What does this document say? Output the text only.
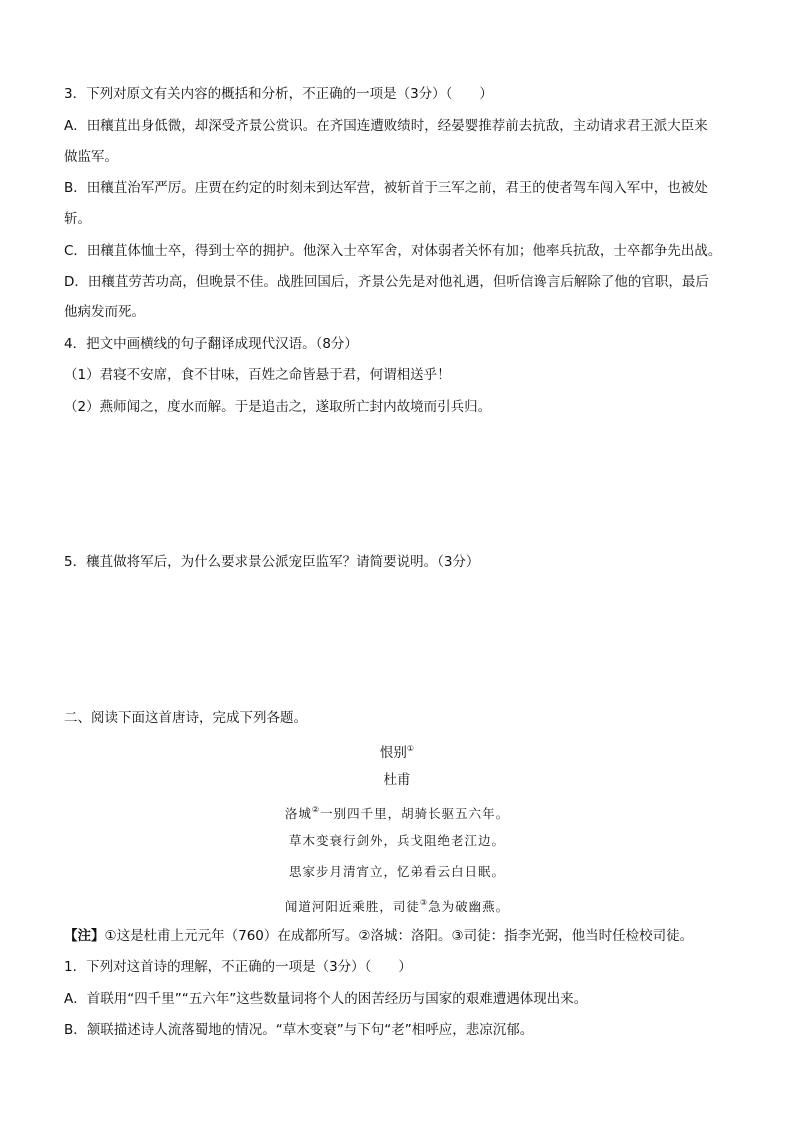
3．下列对原文有关内容的概括和分析，不正确的一项是（3分）（　　）
A．田穰苴出身低微，却深受齐景公赏识。在齐国连遭败绩时，经晏婴推荐前去抗敌，主动请求君王派大臣来
做监军。
B．田穰苴治军严厉。庄贾在约定的时刻未到达军营，被斩首于三军之前，君王的使者驾车闯入军中，也被处
斩。
C．田穰苴体恤士卒，得到士卒的拥护。他深入士卒军舍，对体弱者关怀有加；他率兵抗敌，士卒都争先出战。
D．田穰苴劳苦功高，但晚景不佳。战胜回国后，齐景公先是对他礼遇，但听信谗言后解除了他的官职，最后
他病发而死。
4．把文中画横线的句子翻译成现代汉语。（8分）
（1）君寝不安席，食不甘味，百姓之命皆悬于君，何谓相送乎！
（2）燕师闻之，度水而解。于是追击之，遂取所亡封内故境而引兵归。
5．穰苴做将军后，为什么要求景公派宠臣监军？请简要说明。（3分）
二、阅读下面这首唐诗，完成下列各题。
恨别①
杜甫
洛城②一别四千里，胡骑长驱五六年。
草木变衰行剑外，兵戈阻绝老江边。
思家步月清宵立，忆弟看云白日眠。
闻道河阳近乘胜，司徒③急为破幽燕。
【注】①这是杜甫上元元年（760）在成都所写。②洛城：洛阳。③司徒：指李光弼，他当时任检校司徒。
1．下列对这首诗的理解，不正确的一项是（3分）（　　）
A．首联用“四千里”“五六年”这些数量词将个人的困苦经历与国家的艰难遭遇体现出来。
B．颔联描述诗人流落蜀地的情况。“草木变衰”与下句“老”相呼应，悲凉沉郁。
